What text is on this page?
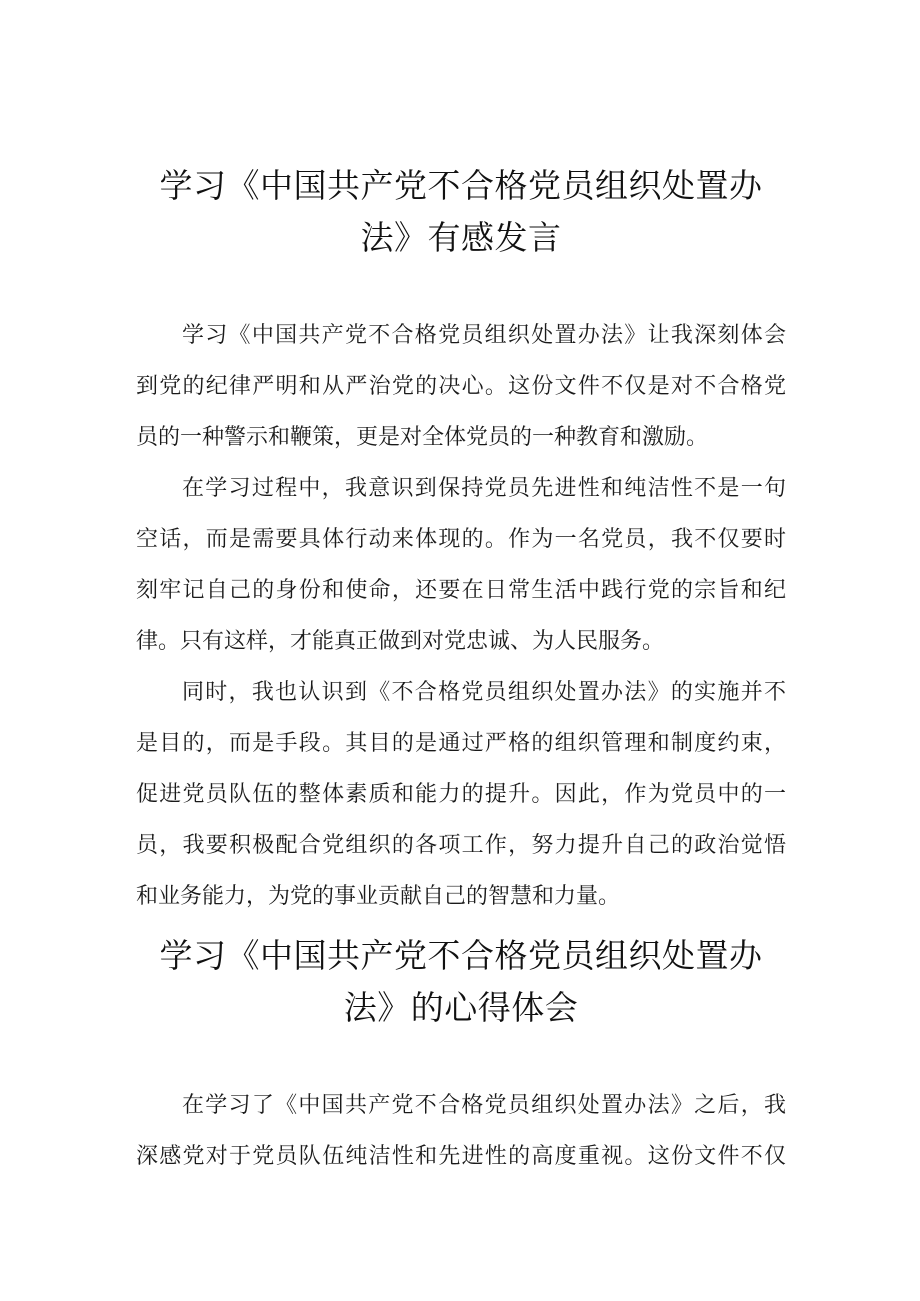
学习《中国共产党不合格党员组织处置办
法》有感发言

学习《中国共产党不合格党员组织处置办法》让我深刻体会
到党的纪律严明和从严治党的决心。这份文件不仅是对不合格党
员的一种警示和鞭策，更是对全体党员的一种教育和激励。

在学习过程中，我意识到保持党员先进性和纯洁性不是一句
空话，而是需要具体行动来体现的。作为一名党员，我不仅要时
刻牢记自己的身份和使命，还要在日常生活中践行党的宗旨和纪
律。只有这样，才能真正做到对党忠诚、为人民服务。

同时，我也认识到《不合格党员组织处置办法》的实施并不
是目的，而是手段。其目的是通过严格的组织管理和制度约束，
促进党员队伍的整体素质和能力的提升。因此，作为党员中的一
员，我要积极配合党组织的各项工作，努力提升自己的政治觉悟
和业务能力，为党的事业贡献自己的智慧和力量。

学习《中国共产党不合格党员组织处置办
法》的心得体会

在学习了《中国共产党不合格党员组织处置办法》之后，我
深感党对于党员队伍纯洁性和先进性的高度重视。这份文件不仅
